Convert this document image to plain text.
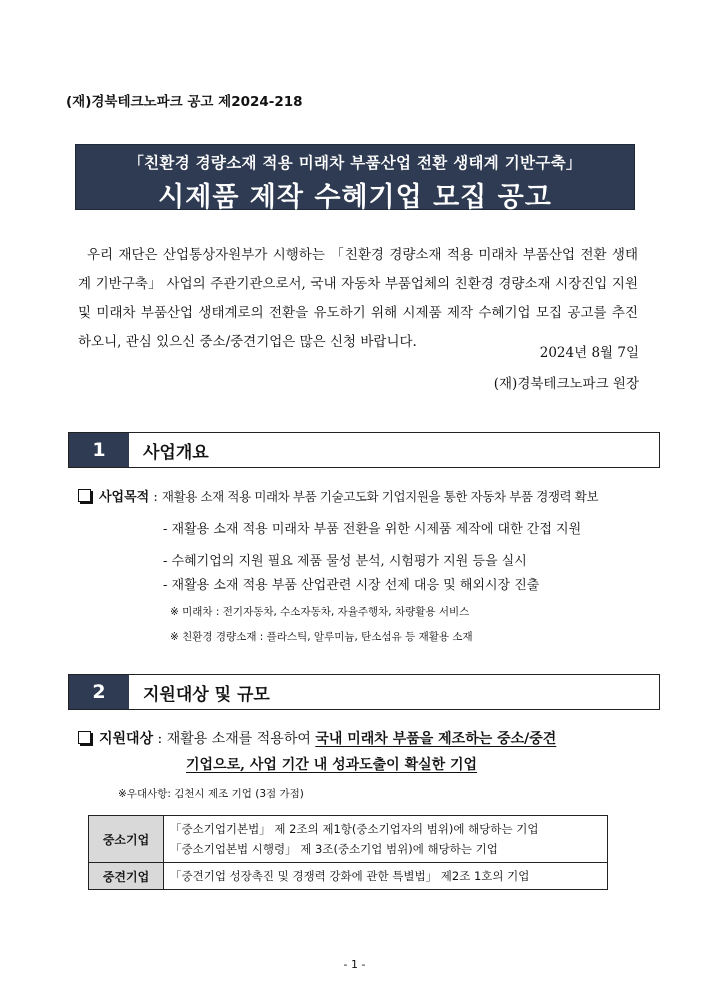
(재)경북테크노파크 공고 제2024-218
「친환경 경량소재 적용 미래차 부품산업 전환 생태계 기반구축」
시제품 제작 수혜기업 모집 공고
우리 재단은 산업통상자원부가 시행하는 「친환경 경량소재 적용 미래차 부품산업 전환 생태계 기반구축」 사업의 주관기관으로서, 국내 자동차 부품업체의 친환경 경량소재 시장진입 지원 및 미래차 부품산업 생태계로의 전환을 유도하기 위해 시제품 제작 수혜기업 모집 공고를 추진하오니, 관심 있으신 중소/중견기업은 많은 신청 바랍니다.
2024년 8월 7일
(재)경북테크노파크 원장
1	사업개요
사업목적 : 재활용 소재 적용 미래차 부품 기술고도화 기업지원을 통한 자동차 부품 경쟁력 확보
- 재활용 소재 적용 미래차 부품 전환을 위한 시제품 제작에 대한 간접 지원
- 수혜기업의 지원 필요 제품 물성 분석, 시험평가 지원 등을 실시
- 재활용 소재 적용 부품 산업관련 시장 선제 대응 및 해외시장 진출
※ 미래차 : 전기자동차, 수소자동차, 자율주행차, 차량활용 서비스
※ 친환경 경량소재 : 플라스틱, 알루미늄, 탄소섬유 등 재활용 소재
2	지원대상 및 규모
지원대상 : 재활용 소재를 적용하여 국내 미래차 부품을 제조하는 중소/중견
기업으로, 사업 기간 내 성과도출이 확실한 기업
※우대사항: 김천시 제조 기업 (3점 가점)
중소기업	「중소기업기본법」 제 2조의 제1항(중소기업자의 범위)에 해당하는 기업
「중소기업본법 시행령」 제 3조(중소기업 범위)에 해당하는 기업

중견기업	「중견기업 성장촉진 및 경쟁력 강화에 관한 특별법」 제2조 1호의 기업
- 1 -
